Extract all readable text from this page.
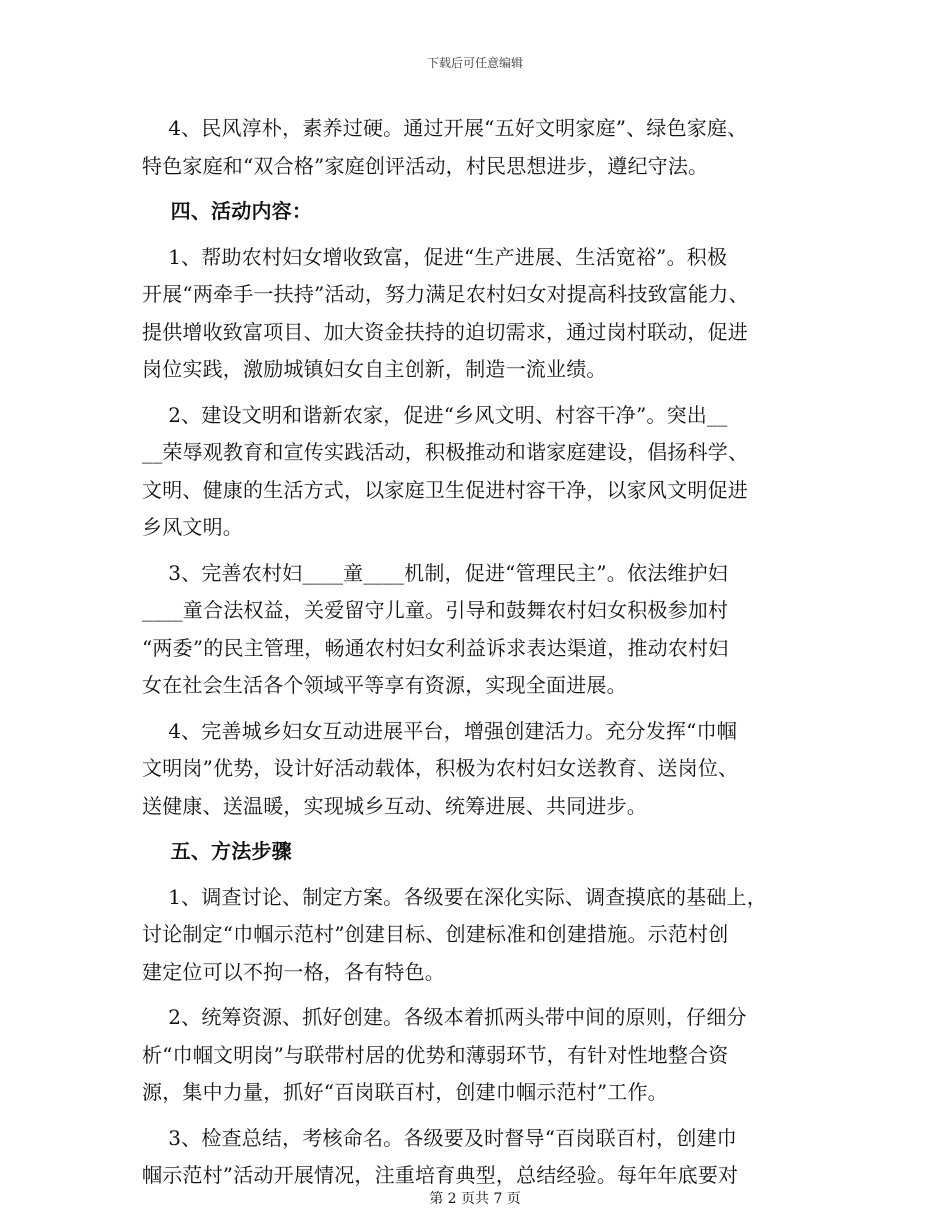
下载后可任意编辑
4、民风淳朴，素养过硬。通过开展“五好文明家庭”、绿色家庭、
特色家庭和“双合格”家庭创评活动，村民思想进步，遵纪守法。
四、活动内容：
1、帮助农村妇女增收致富，促进“生产进展、生活宽裕”。积极
开展“两牵手一扶持”活动，努力满足农村妇女对提高科技致富能力、
提供增收致富项目、加大资金扶持的迫切需求，通过岗村联动，促进
岗位实践，激励城镇妇女自主创新，制造一流业绩。
2、建设文明和谐新农家，促进“乡风文明、村容干净”。突出__
__荣辱观教育和宣传实践活动，积极推动和谐家庭建设，倡扬科学、
文明、健康的生活方式，以家庭卫生促进村容干净，以家风文明促进
乡风文明。
3、完善农村妇____童____机制，促进“管理民主”。依法维护妇
____童合法权益，关爱留守儿童。引导和鼓舞农村妇女积极参加村
“两委”的民主管理，畅通农村妇女利益诉求表达渠道，推动农村妇
女在社会生活各个领域平等享有资源，实现全面进展。
4、完善城乡妇女互动进展平台，增强创建活力。充分发挥“巾帼
文明岗”优势，设计好活动载体，积极为农村妇女送教育、送岗位、
送健康、送温暖，实现城乡互动、统筹进展、共同进步。
五、方法步骤
1、调查讨论、制定方案。各级要在深化实际、调查摸底的基础上，
讨论制定“巾帼示范村”创建目标、创建标准和创建措施。示范村创
建定位可以不拘一格，各有特色。
2、统筹资源、抓好创建。各级本着抓两头带中间的原则，仔细分
析“巾帼文明岗”与联带村居的优势和薄弱环节，有针对性地整合资
源，集中力量，抓好“百岗联百村，创建巾帼示范村”工作。
3、检查总结，考核命名。各级要及时督导“百岗联百村，创建巾
帼示范村”活动开展情况，注重培育典型，总结经验。每年年底要对
第 2 页共 7 页
